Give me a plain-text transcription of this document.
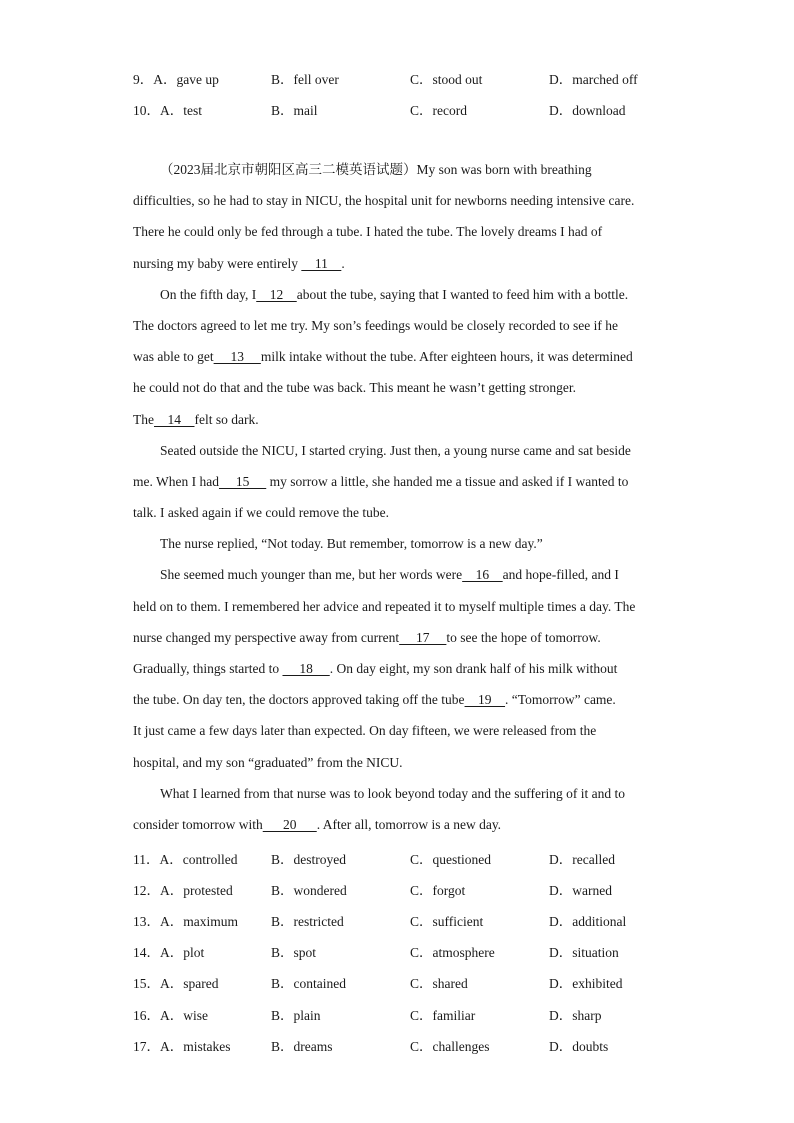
9．A．gave up	B．fell over	C．stood out	D．marched off
10．A．test	B．mail	C．record	D．download
（2023届北京市朝阳区高三二模英语试题）My son was born with breathing
difficulties, so he had to stay in NICU, the hospital unit for newborns needing intensive care.
There he could only be fed through a tube. I hated the tube. The lovely dreams I had of
nursing my baby were entirely     11    .
On the fifth day, I    12    about the tube, saying that I wanted to feed him with a bottle.
The doctors agreed to let me try. My son’s feedings would be closely recorded to see if he
was able to get     13     milk intake without the tube. After eighteen hours, it was determined
he could not do that and the tube was back. This meant he wasn’t getting stronger.
The    14    felt so dark.
Seated outside the NICU, I started crying. Just then, a young nurse came and sat beside
me. When I had     15      my sorrow a little, she handed me a tissue and asked if I wanted to
talk. I asked again if we could remove the tube.
The nurse replied, “Not today. But remember, tomorrow is a new day.”
She seemed much younger than me, but her words were    16    and hope-filled, and I
held on to them. I remembered her advice and repeated it to myself multiple times a day. The
nurse changed my perspective away from current     17     to see the hope of tomorrow.
Gradually, things started to      18     . On day eight, my son drank half of his milk without
the tube. On day ten, the doctors approved taking off the tube    19    . “Tomorrow” came.
It just came a few days later than expected. On day fifteen, we were released from the
hospital, and my son “graduated” from the NICU.
What I learned from that nurse was to look beyond today and the suffering of it and to
consider tomorrow with      20      . After all, tomorrow is a new day.
11．A．controlled B．destroyed	C．questioned	D．recalled
12．A．protested	B．wondered	C．forgot	D．warned
13．A．maximum B．restricted	C．sufficient	D．additional
14．A．plot	B．spot	C．atmosphere	D．situation
15．A．spared	B．contained	C．shared	D．exhibited
16．A．wise	B．plain	C．familiar	D．sharp
17．A．mistakes	B．dreams	C．challenges	D．doubts
